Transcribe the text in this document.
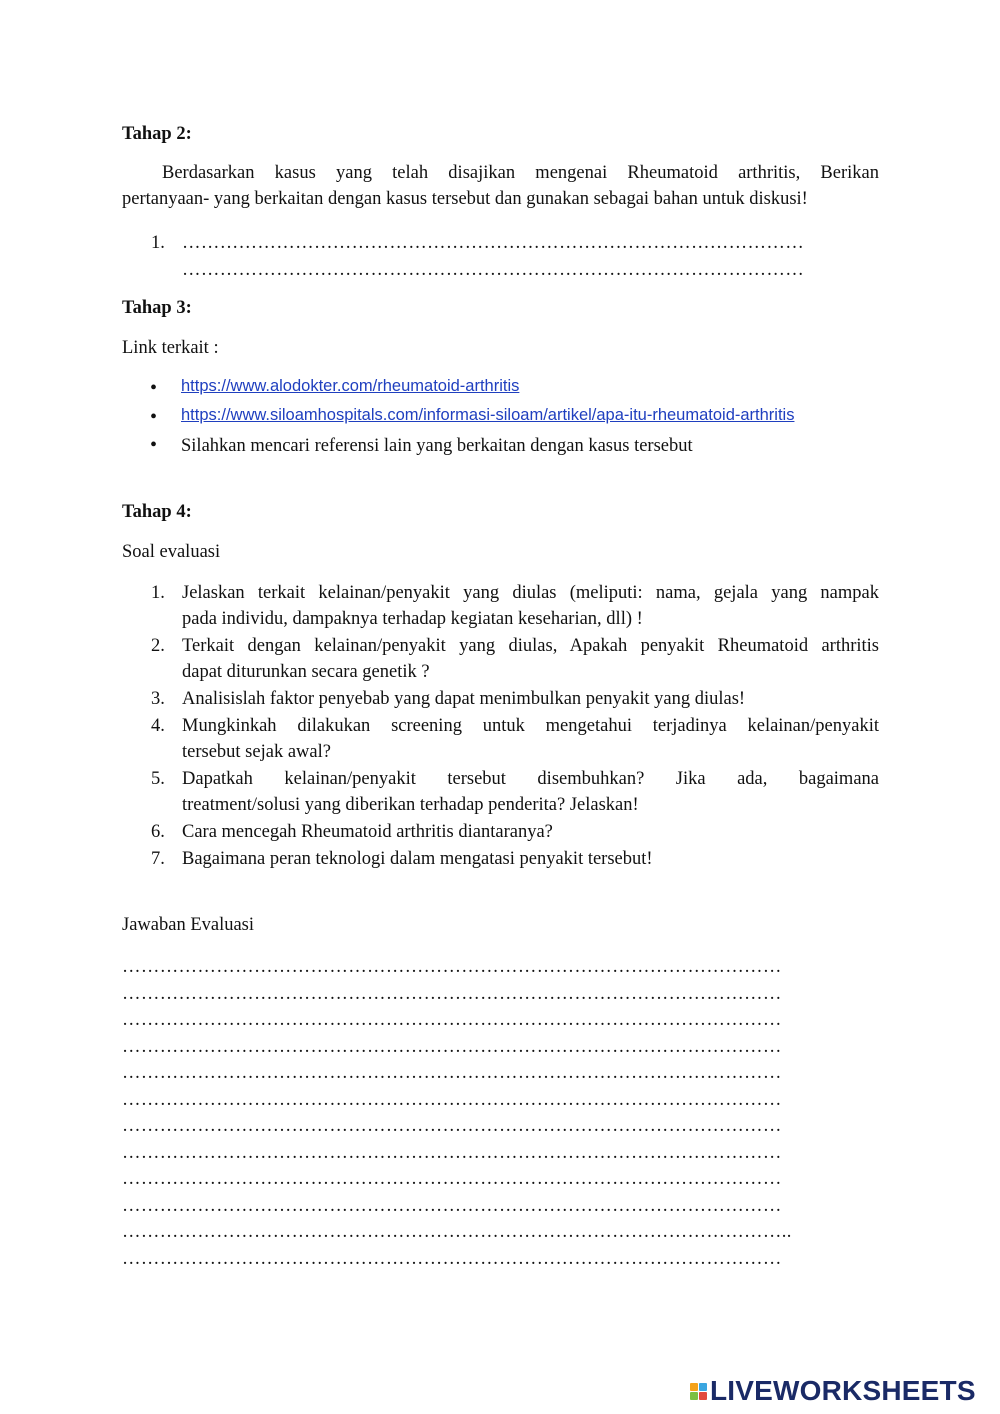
Tahap 2:
Berdasarkan kasus yang telah disajikan mengenai Rheumatoid arthritis, Berikan
pertanyaan- yang berkaitan dengan kasus tersebut dan gunakan sebagai bahan untuk diskusi!
1. ………………………………………………………………………………………
………………………………………………………………………………………
Tahap 3:
Link terkait :
• https://www.alodokter.com/rheumatoid-arthritis
• https://www.siloamhospitals.com/informasi-siloam/artikel/apa-itu-rheumatoid-arthritis
• Silahkan mencari referensi lain yang berkaitan dengan kasus tersebut
Tahap 4:
Soal evaluasi
1. Jelaskan terkait kelainan/penyakit yang diulas (meliputi: nama, gejala yang nampak
pada individu, dampaknya terhadap kegiatan keseharian, dll) !
2. Terkait dengan kelainan/penyakit yang diulas, Apakah penyakit Rheumatoid arthritis
dapat diturunkan secara genetik ?
3. Analisislah faktor penyebab yang dapat menimbulkan penyakit yang diulas!
4. Mungkinkah dilakukan screening untuk mengetahui terjadinya kelainan/penyakit
tersebut sejak awal?
5. Dapatkah kelainan/penyakit tersebut disembuhkan? Jika ada, bagaimana
treatment/solusi yang diberikan terhadap penderita? Jelaskan!
6. Cara mencegah Rheumatoid arthritis diantaranya?
7. Bagaimana peran teknologi dalam mengatasi penyakit tersebut!
Jawaban Evaluasi
……………………………………………………………………………………………
……………………………………………………………………………………………
……………………………………………………………………………………………
……………………………………………………………………………………………
……………………………………………………………………………………………
……………………………………………………………………………………………
……………………………………………………………………………………………
……………………………………………………………………………………………
……………………………………………………………………………………………
……………………………………………………………………………………………
……………………………………………………………………………………………..
……………………………………………………………………………………………
LIVEWORKSHEETS
